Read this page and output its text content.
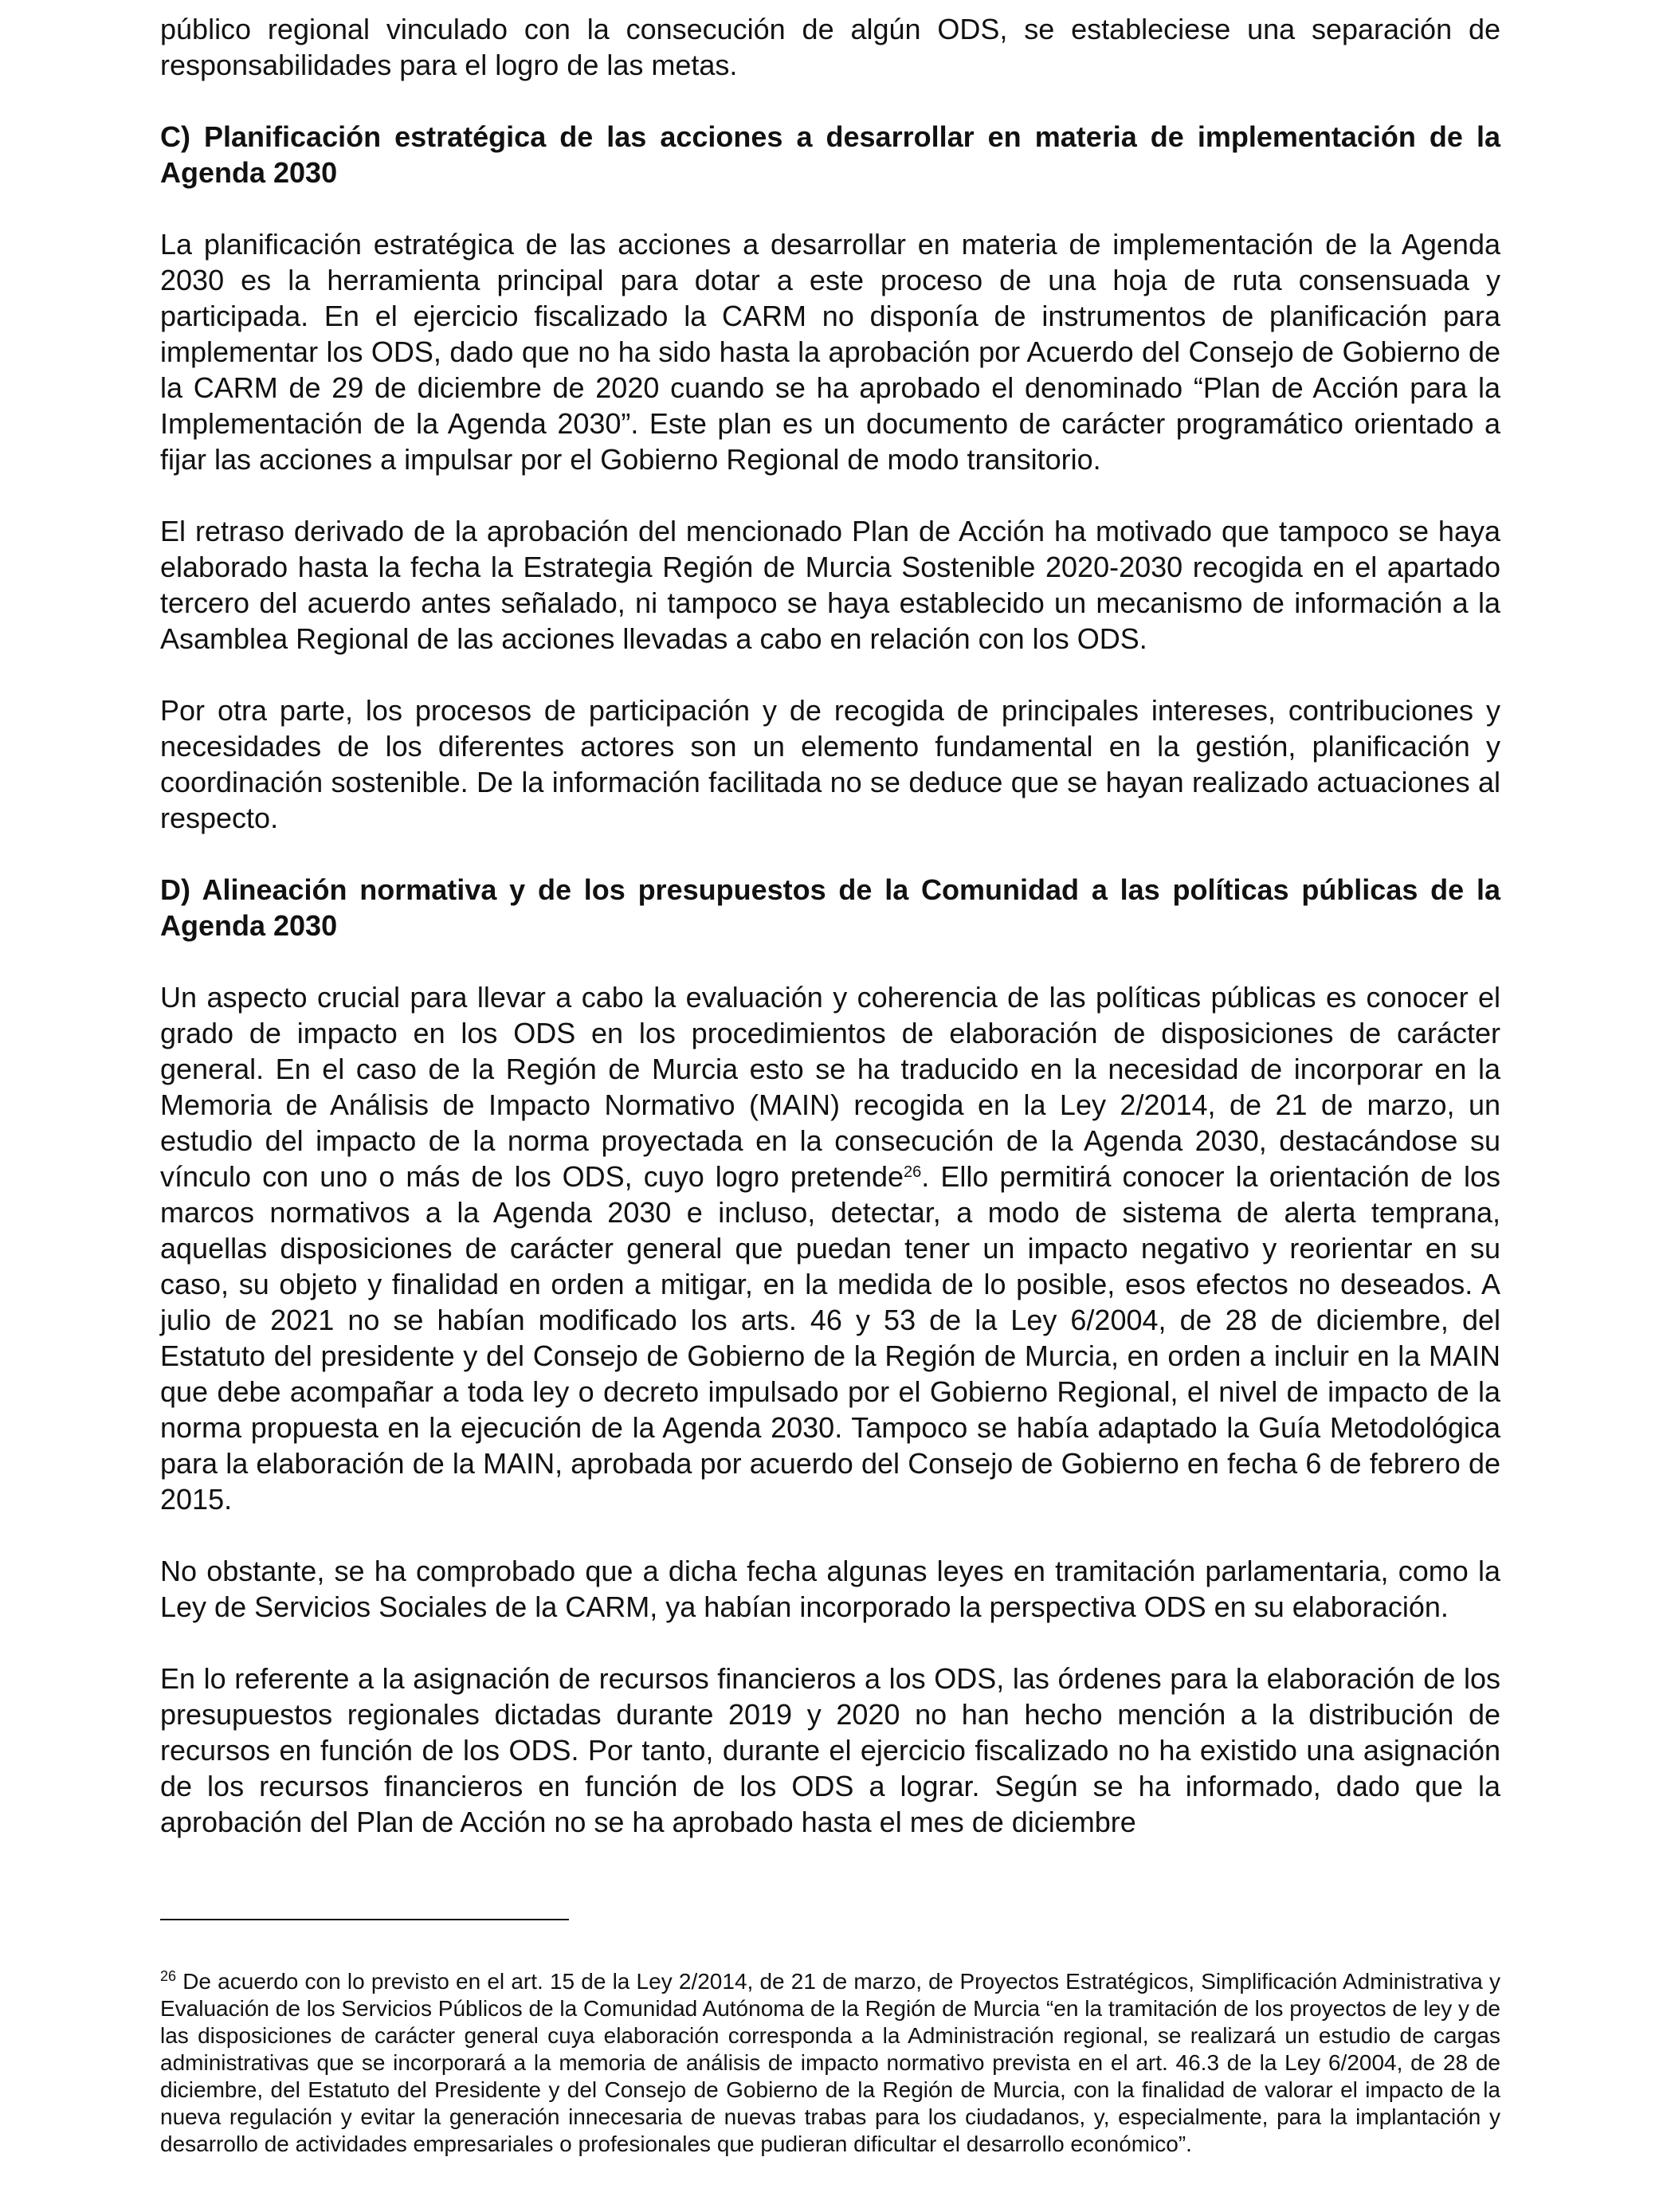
público regional vinculado con la consecución de algún ODS, se estableciese una separación de responsabilidades para el logro de las metas.

C) Planificación estratégica de las acciones a desarrollar en materia de implementación de la Agenda 2030

La planificación estratégica de las acciones a desarrollar en materia de implementación de la Agenda 2030 es la herramienta principal para dotar a este proceso de una hoja de ruta consensuada y participada. En el ejercicio fiscalizado la CARM no disponía de instrumentos de planificación para implementar los ODS, dado que no ha sido hasta la aprobación por Acuerdo del Consejo de Gobierno de la CARM de 29 de diciembre de 2020 cuando se ha aprobado el denominado “Plan de Acción para la Implementación de la Agenda 2030”. Este plan es un documento de carácter programático orientado a fijar las acciones a impulsar por el Gobierno Regional de modo transitorio.

El retraso derivado de la aprobación del mencionado Plan de Acción ha motivado que tampoco se haya elaborado hasta la fecha la Estrategia Región de Murcia Sostenible 2020-2030 recogida en el apartado tercero del acuerdo antes señalado, ni tampoco se haya establecido un mecanismo de información a la Asamblea Regional de las acciones llevadas a cabo en relación con los ODS.

Por otra parte, los procesos de participación y de recogida de principales intereses, contribuciones y necesidades de los diferentes actores son un elemento fundamental en la gestión, planificación y coordinación sostenible. De la información facilitada no se deduce que se hayan realizado actuaciones al respecto.

D) Alineación normativa y de los presupuestos de la Comunidad a las políticas públicas de la Agenda 2030

Un aspecto crucial para llevar a cabo la evaluación y coherencia de las políticas públicas es conocer el grado de impacto en los ODS en los procedimientos de elaboración de disposiciones de carácter general. En el caso de la Región de Murcia esto se ha traducido en la necesidad de incorporar en la Memoria de Análisis de Impacto Normativo (MAIN) recogida en la Ley 2/2014, de 21 de marzo, un estudio del impacto de la norma proyectada en la consecución de la Agenda 2030, destacándose su vínculo con uno o más de los ODS, cuyo logro pretende$^{26}$. Ello permitirá conocer la orientación de los marcos normativos a la Agenda 2030 e incluso, detectar, a modo de sistema de alerta temprana, aquellas disposiciones de carácter general que puedan tener un impacto negativo y reorientar en su caso, su objeto y finalidad en orden a mitigar, en la medida de lo posible, esos efectos no deseados. A julio de 2021 no se habían modificado los arts. 46 y 53 de la Ley 6/2004, de 28 de diciembre, del Estatuto del presidente y del Consejo de Gobierno de la Región de Murcia, en orden a incluir en la MAIN que debe acompañar a toda ley o decreto impulsado por el Gobierno Regional, el nivel de impacto de la norma propuesta en la ejecución de la Agenda 2030. Tampoco se había adaptado la Guía Metodológica para la elaboración de la MAIN, aprobada por acuerdo del Consejo de Gobierno en fecha 6 de febrero de 2015.

No obstante, se ha comprobado que a dicha fecha algunas leyes en tramitación parlamentaria, como la Ley de Servicios Sociales de la CARM, ya habían incorporado la perspectiva ODS en su elaboración.

En lo referente a la asignación de recursos financieros a los ODS, las órdenes para la elaboración de los presupuestos regionales dictadas durante 2019 y 2020 no han hecho mención a la distribución de recursos en función de los ODS. Por tanto, durante el ejercicio fiscalizado no ha existido una asignación de los recursos financieros en función de los ODS a lograr. Según se ha informado, dado que la aprobación del Plan de Acción no se ha aprobado hasta el mes de diciembre

$^{26}$ De acuerdo con lo previsto en el art. 15 de la Ley 2/2014, de 21 de marzo, de Proyectos Estratégicos, Simplificación Administrativa y Evaluación de los Servicios Públicos de la Comunidad Autónoma de la Región de Murcia “en la tramitación de los proyectos de ley y de las disposiciones de carácter general cuya elaboración corresponda a la Administración regional, se realizará un estudio de cargas administrativas que se incorporará a la memoria de análisis de impacto normativo prevista en el art. 46.3 de la Ley 6/2004, de 28 de diciembre, del Estatuto del Presidente y del Consejo de Gobierno de la Región de Murcia, con la finalidad de valorar el impacto de la nueva regulación y evitar la generación innecesaria de nuevas trabas para los ciudadanos, y, especialmente, para la implantación y desarrollo de actividades empresariales o profesionales que pudieran dificultar el desarrollo económico”.
